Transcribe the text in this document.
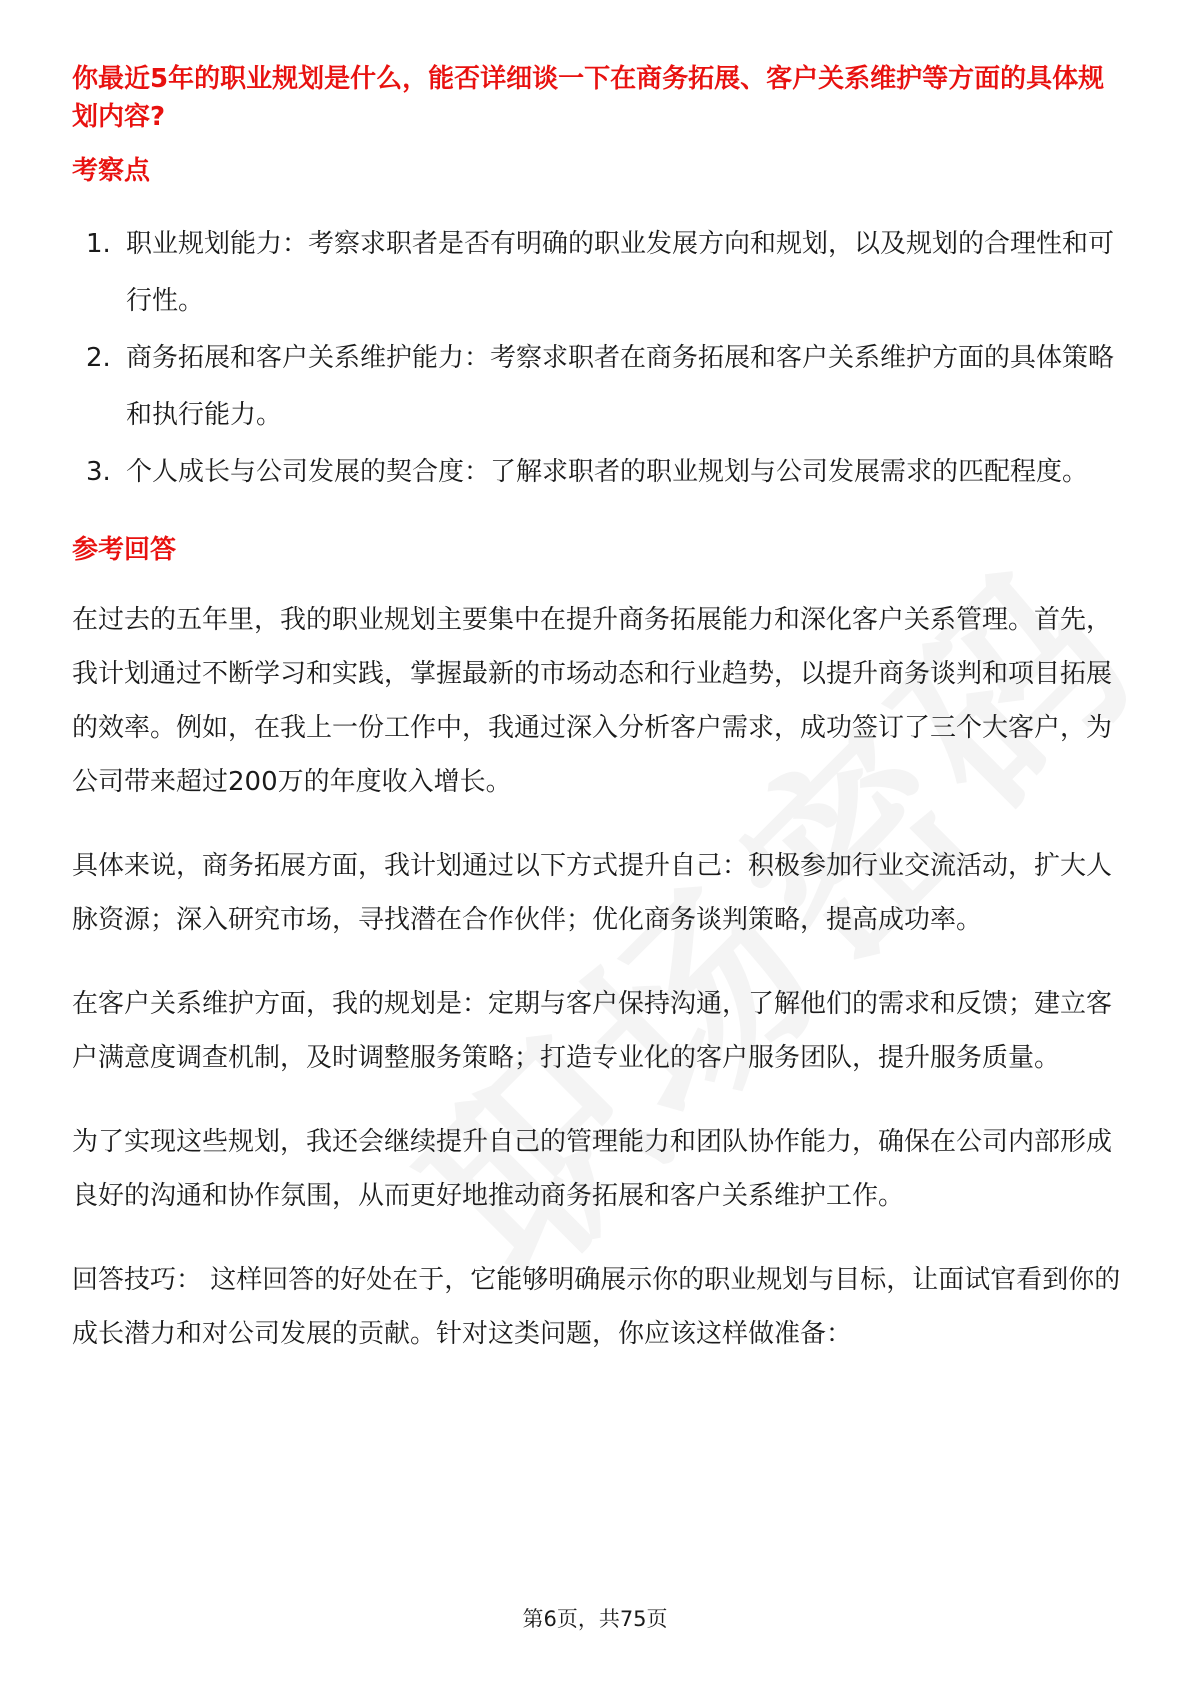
你最近5年的职业规划是什么，能否详细谈一下在商务拓展、客户关系维护等方面的具体规划内容?
考察点
1. 职业规划能力：考察求职者是否有明确的职业发展方向和规划，以及规划的合理性和可行性。
2. 商务拓展和客户关系维护能力：考察求职者在商务拓展和客户关系维护方面的具体策略和执行能力。
3. 个人成长与公司发展的契合度：了解求职者的职业规划与公司发展需求的匹配程度。
参考回答

在过去的五年里，我的职业规划主要集中在提升商务拓展能力和深化客户关系管理。首先，我计划通过不断学习和实践，掌握最新的市场动态和行业趋势，以提升商务谈判和项目拓展的效率。例如，在我上一份工作中，我通过深入分析客户需求，成功签订了三个大客户，为公司带来超过200万的年度收入增长。

具体来说，商务拓展方面，我计划通过以下方式提升自己：积极参加行业交流活动，扩大人脉资源；深入研究市场，寻找潜在合作伙伴；优化商务谈判策略，提高成功率。

在客户关系维护方面，我的规划是：定期与客户保持沟通，了解他们的需求和反馈；建立客户满意度调查机制，及时调整服务策略；打造专业化的客户服务团队，提升服务质量。

为了实现这些规划，我还会继续提升自己的管理能力和团队协作能力，确保在公司内部形成良好的沟通和协作氛围，从而更好地推动商务拓展和客户关系维护工作。

回答技巧： 这样回答的好处在于，它能够明确展示你的职业规划与目标，让面试官看到你的成长潜力和对公司发展的贡献。针对这类问题，你应该这样做准备：

第6页，共75页
